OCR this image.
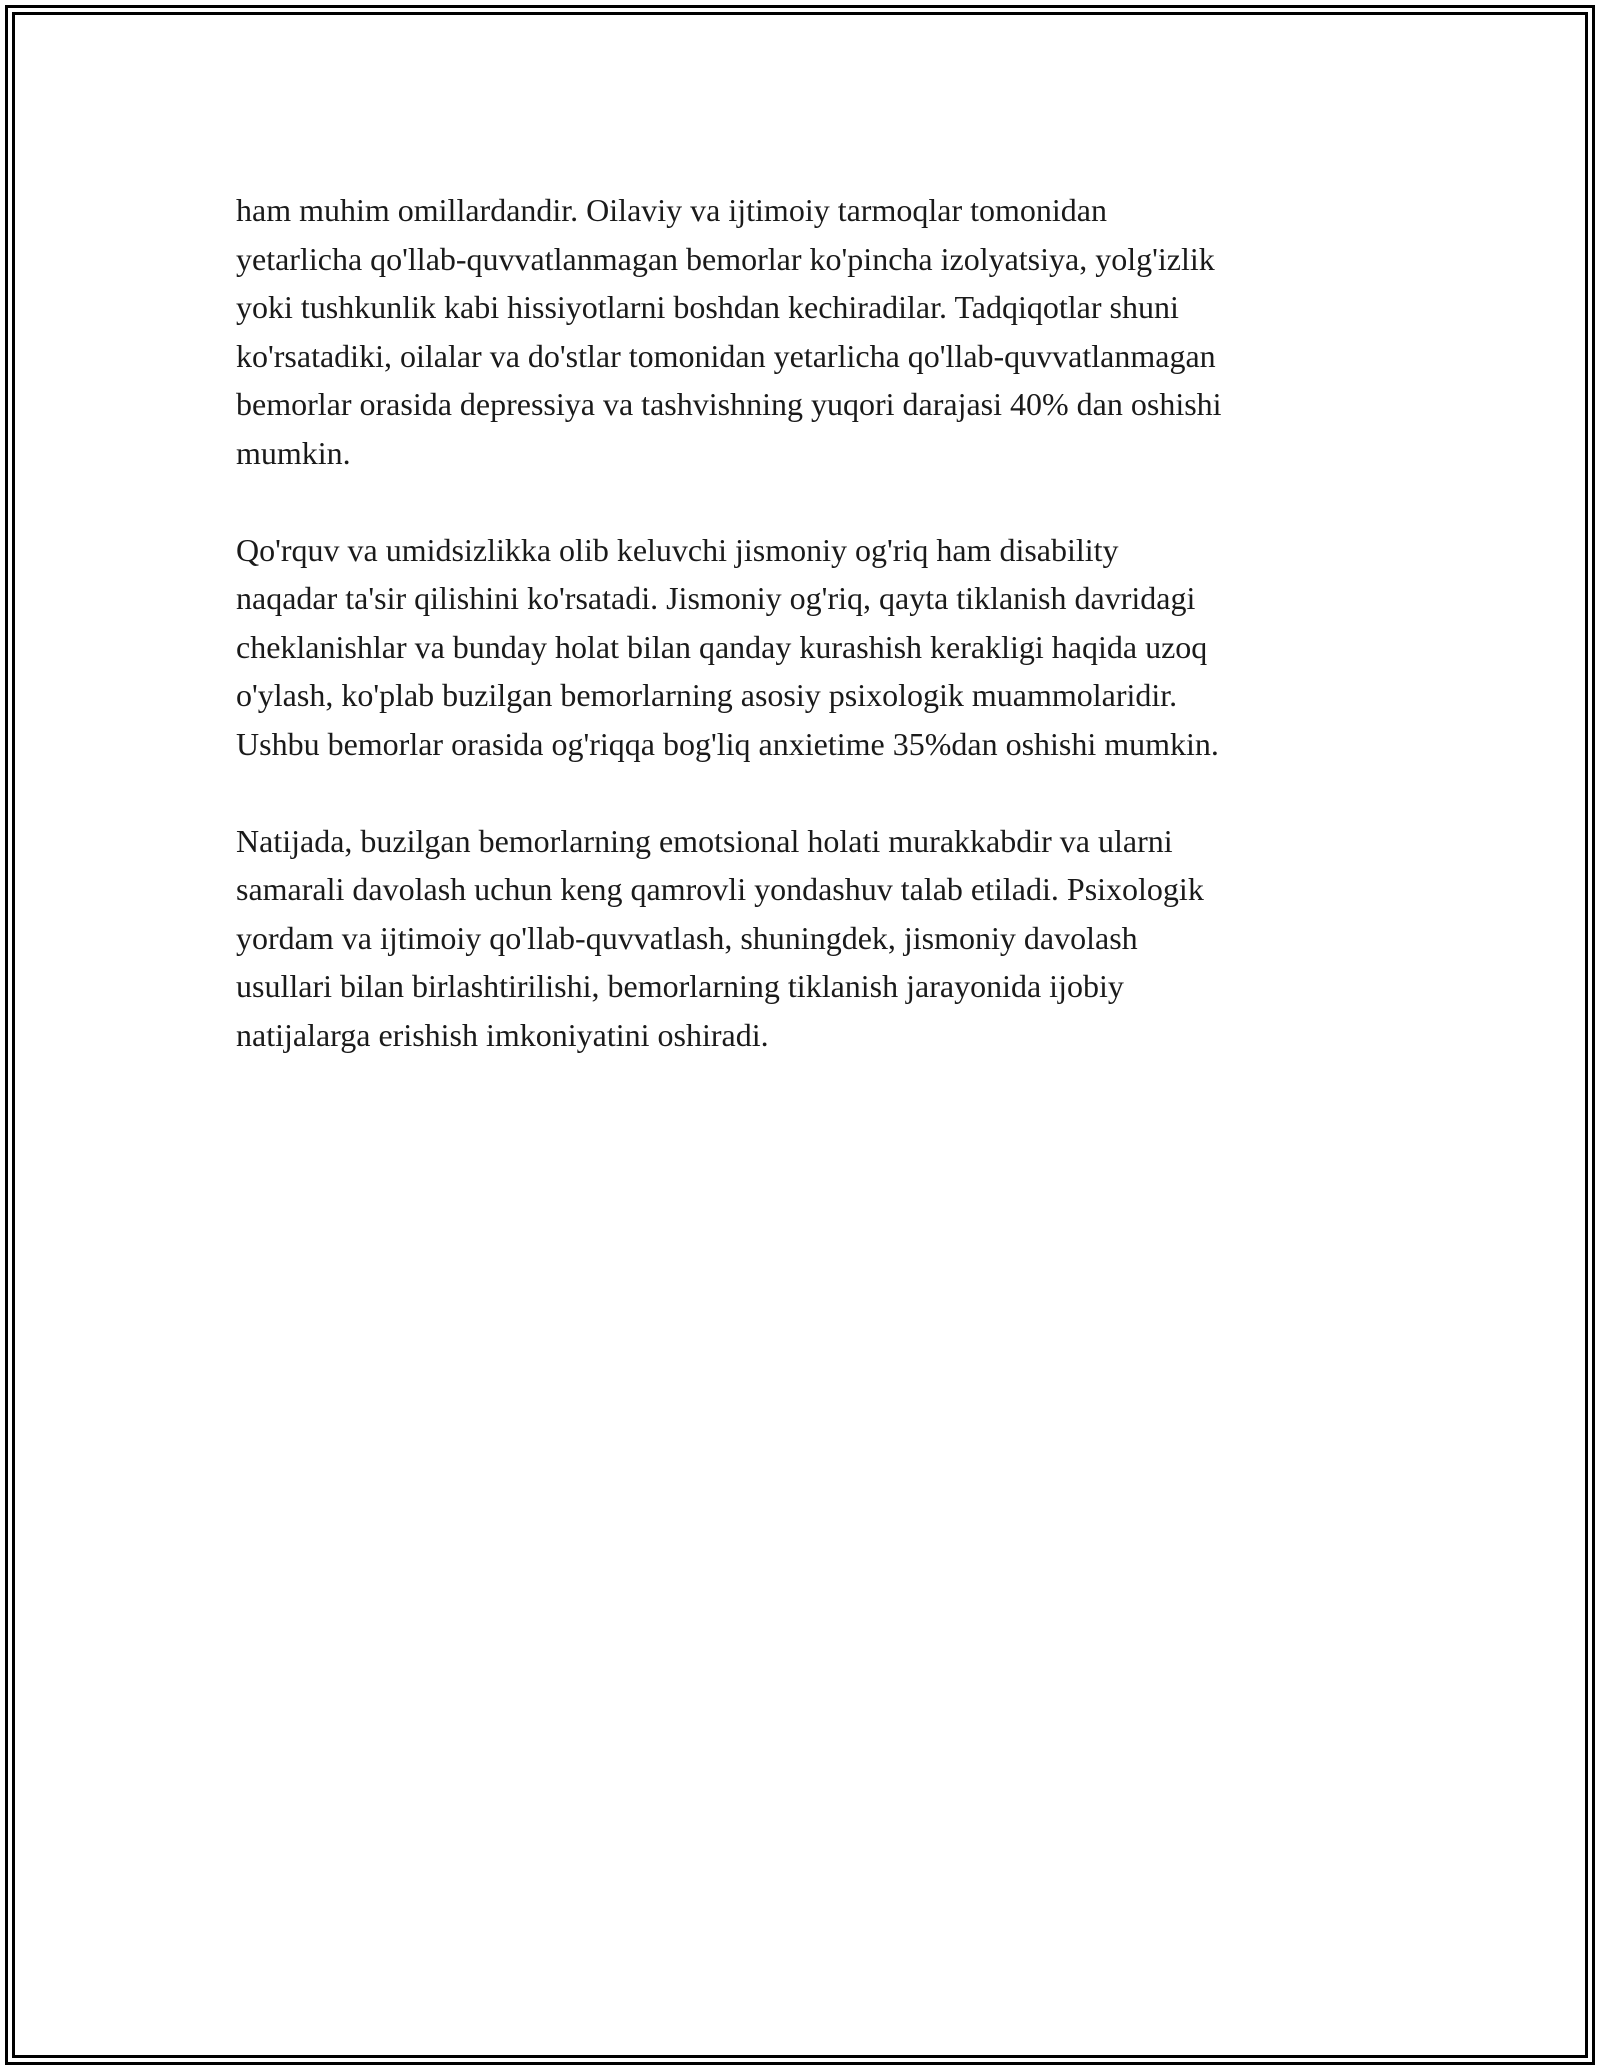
ham muhim omillardandir. Oilaviy va ijtimoiy tarmoqlar tomonidan
yetarlicha qo'llab-quvvatlanmagan bemorlar ko'pincha izolyatsiya, yolg'izlik
yoki tushkunlik kabi hissiyotlarni boshdan kechiradilar. Tadqiqotlar shuni
ko'rsatadiki, oilalar va do'stlar tomonidan yetarlicha qo'llab-quvvatlanmagan
bemorlar orasida depressiya va tashvishning yuqori darajasi 40% dan oshishi
mumkin.

Qo'rquv va umidsizlikka olib keluvchi jismoniy og'riq ham disability
naqadar ta'sir qilishini ko'rsatadi. Jismoniy og'riq, qayta tiklanish davridagi
cheklanishlar va bunday holat bilan qanday kurashish kerakligi haqida uzoq
o'ylash, ko'plab buzilgan bemorlarning asosiy psixologik muammolaridir.
Ushbu bemorlar orasida og'riqqa bog'liq anxietime 35%dan oshishi mumkin.

Natijada, buzilgan bemorlarning emotsional holati murakkabdir va ularni
samarali davolash uchun keng qamrovli yondashuv talab etiladi. Psixologik
yordam va ijtimoiy qo'llab-quvvatlash, shuningdek, jismoniy davolash
usullari bilan birlashtirilishi, bemorlarning tiklanish jarayonida ijobiy
natijalarga erishish imkoniyatini oshiradi.
